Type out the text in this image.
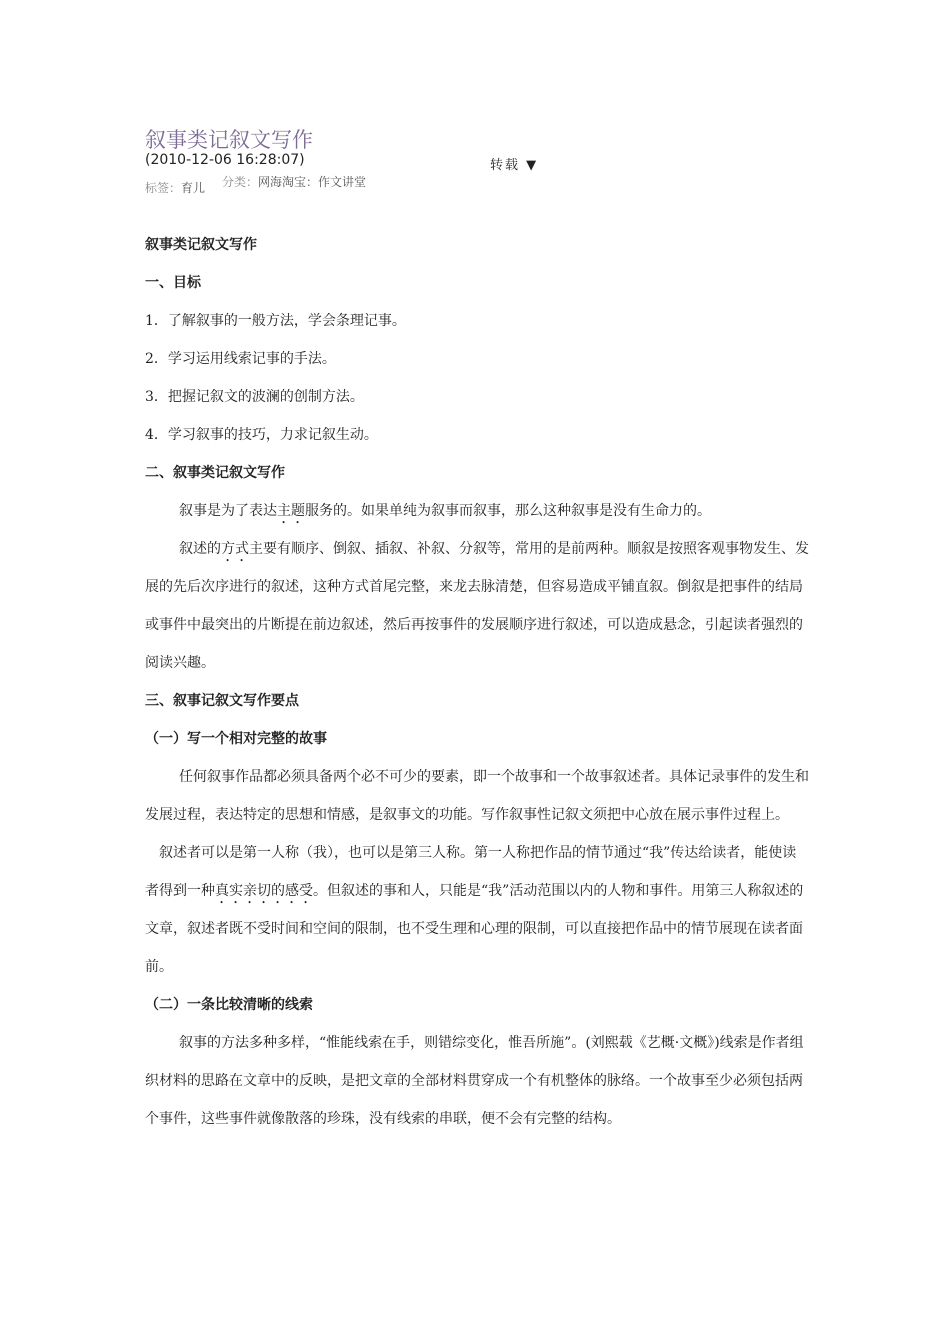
叙事类记叙文写作
(2010-12-06 16:28:07)	转载 ▼
标签：育儿 分类：网海淘宝：作文讲堂
叙事类记叙文写作
一、目标

1．了解叙事的一般方法，学会条理记事。

2．学习运用线索记事的手法。

3．把握记叙文的波澜的创制方法。

4．学习叙事的技巧，力求记叙生动。

二、叙事类记叙文写作

叙事是为了表达主题服务的。如果单纯为叙事而叙事，那么这种叙事是没有生命力的。

叙述的方式主要有顺序、倒叙、插叙、补叙、分叙等，常用的是前两种。顺叙是按照客观事物发生、发展的先后次序进行的叙述，这种方式首尾完整，来龙去脉清楚，但容易造成平铺直叙。倒叙是把事件的结局或事件中最突出的片断提在前边叙述，然后再按事件的发展顺序进行叙述，可以造成悬念，引起读者强烈的阅读兴趣。

三、叙事记叙文写作要点
（一）写一个相对完整的故事

任何叙事作品都必须具备两个必不可少的要素，即一个故事和一个故事叙述者。具体记录事件的发生和发展过程，表达特定的思想和情感，是叙事文的功能。写作叙事性记叙文须把中心放在展示事件过程上。

叙述者可以是第一人称（我），也可以是第三人称。第一人称把作品的情节通过“我”传达给读者，能使读者得到一种真实亲切的感受。但叙述的事和人，只能是“我”活动范围以内的人物和事件。用第三人称叙述的文章，叙述者既不受时间和空间的限制，也不受生理和心理的限制，可以直接把作品中的情节展现在读者面前。

（二）一条比较清晰的线索

叙事的方法多种多样，“惟能线索在手，则错综变化，惟吾所施”。(刘熙载《艺概·文概》)线索是作者组织材料的思路在文章中的反映，是把文章的全部材料贯穿成一个有机整体的脉络。一个故事至少必须包括两个事件，这些事件就像散落的珍珠，没有线索的串联，便不会有完整的结构。
